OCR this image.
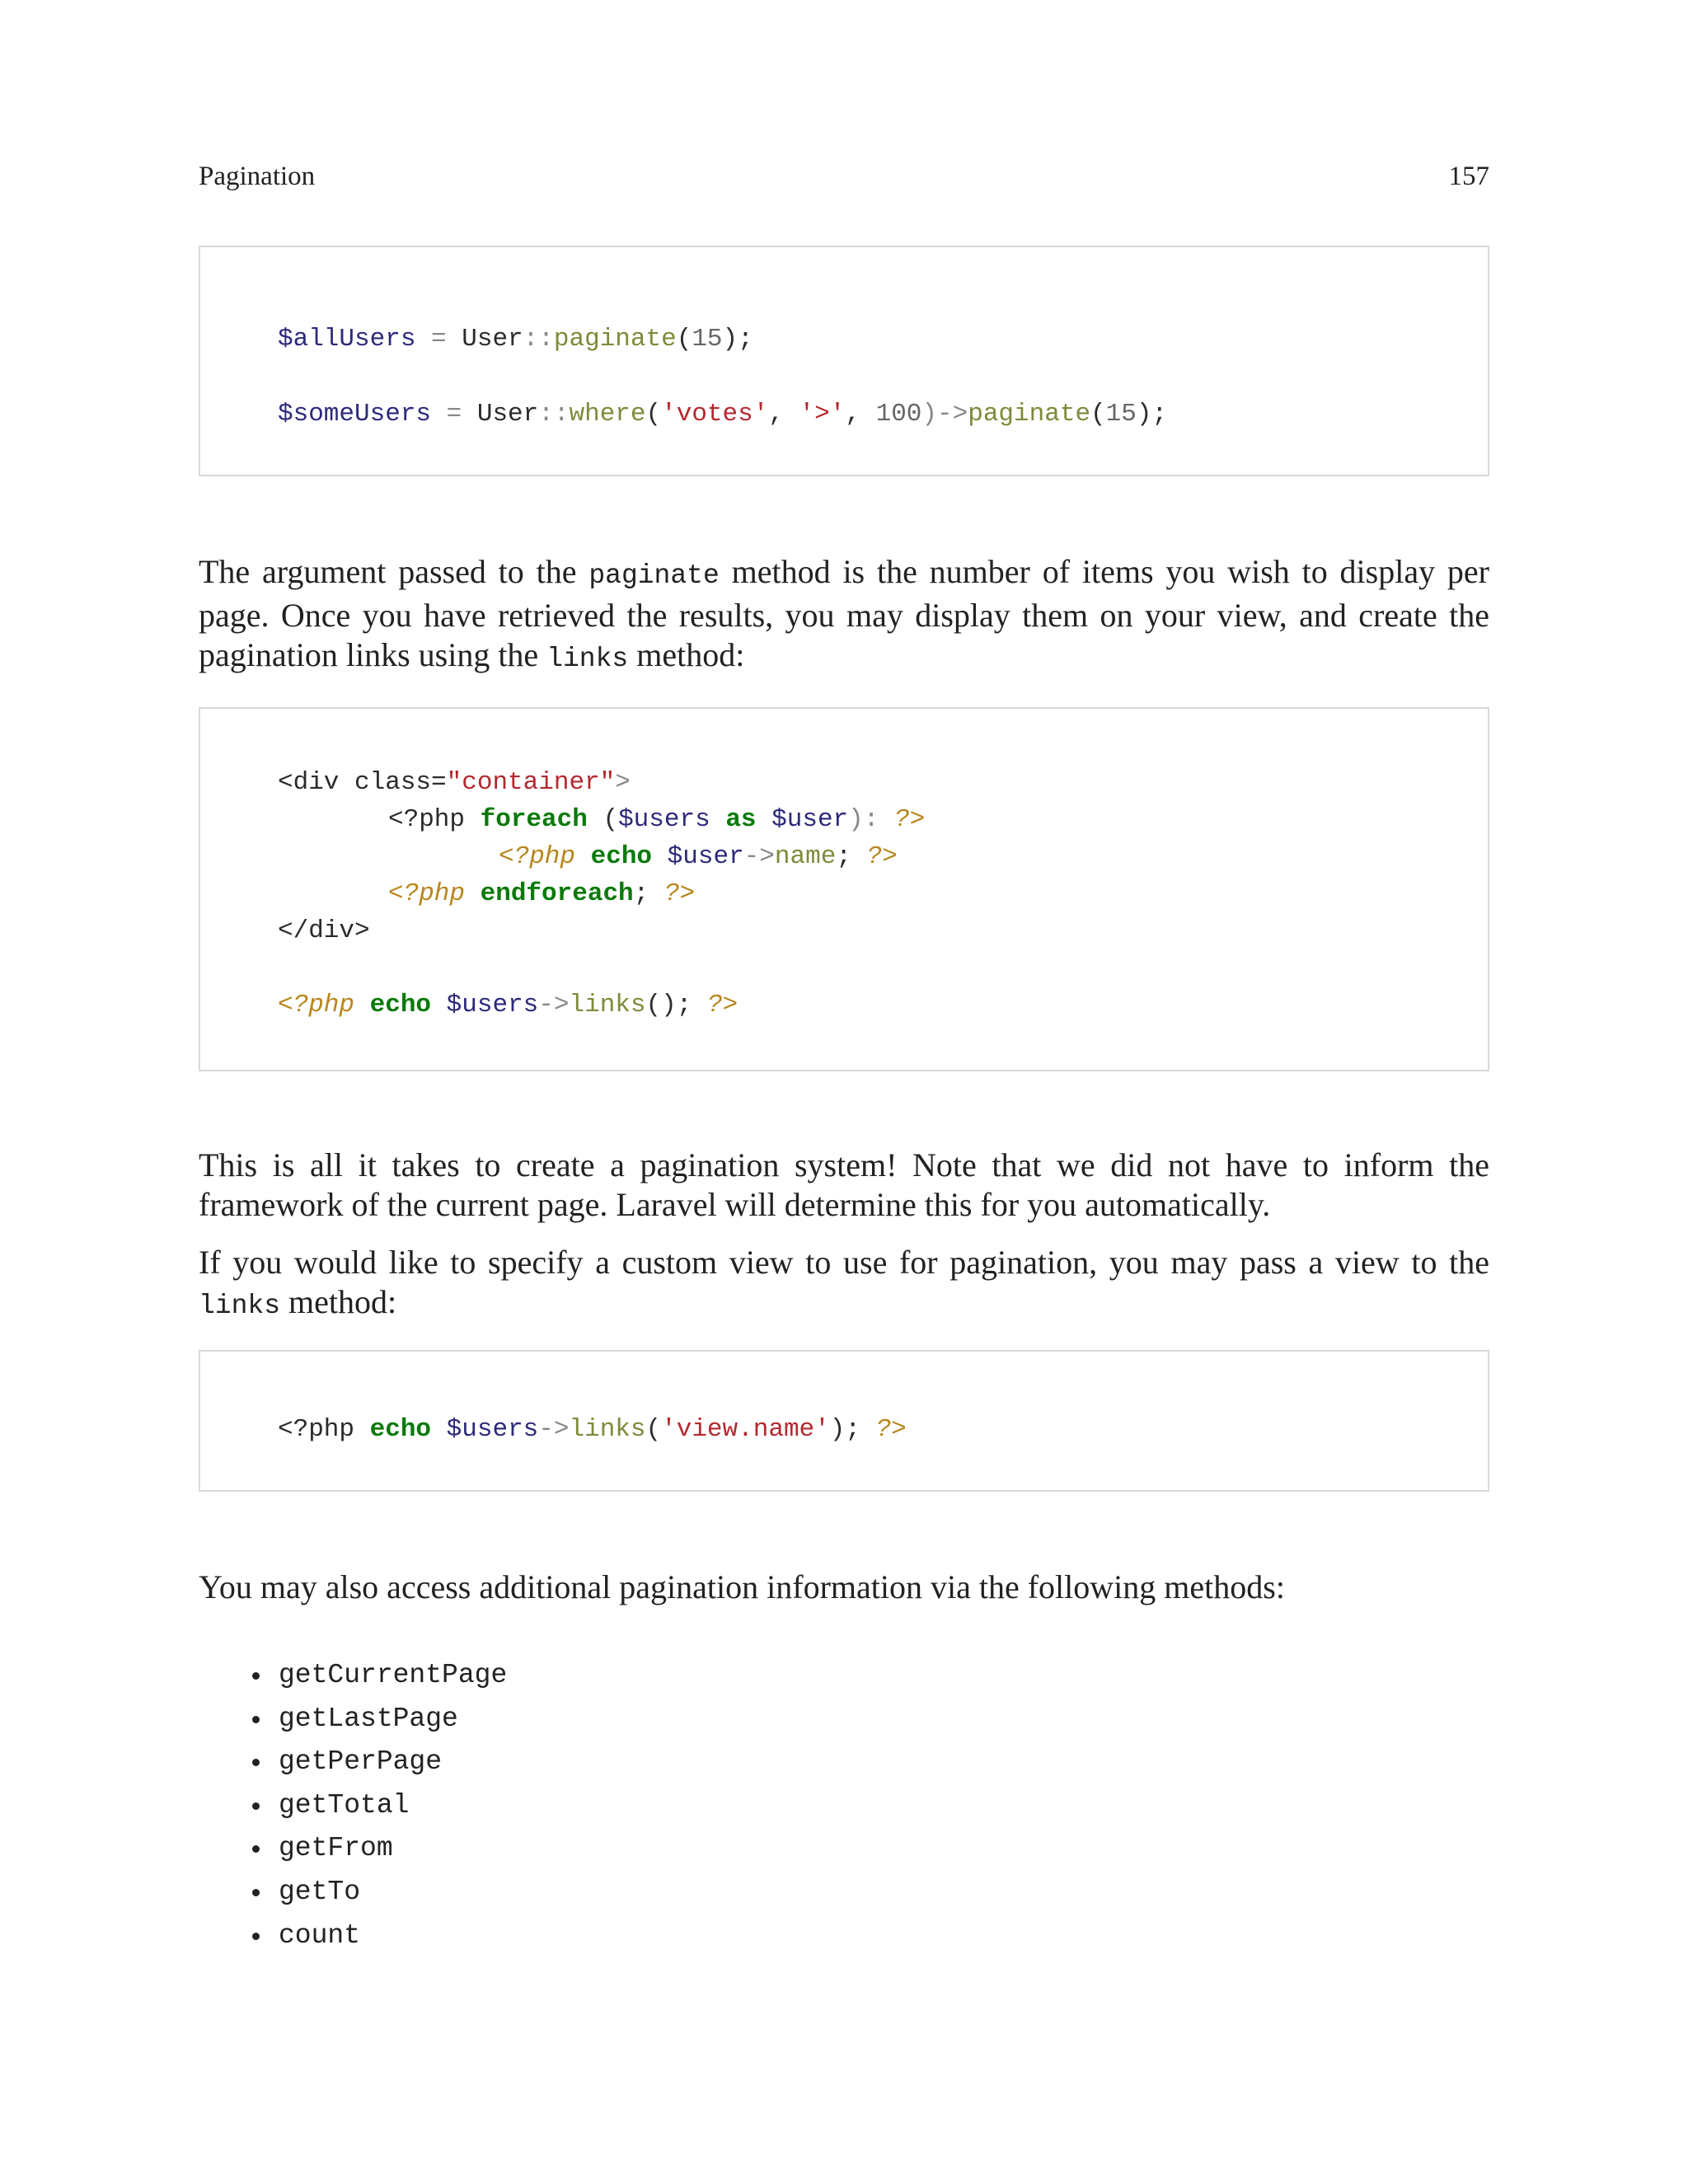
Pagination	157
$allUsers = User::paginate(15);
$someUsers = User::where('votes', '>', 100)->paginate(15);
The argument passed to the paginate method is the number of items you wish to display per page. Once you have retrieved the results, you may display them on your view, and create the pagination links using the links method:
<div class="container">
<?php foreach ($users as $user): ?>
<?php echo $user->name; ?>
<?php endforeach; ?>
</div>
<?php echo $users->links(); ?>
This is all it takes to create a pagination system! Note that we did not have to inform the framework of the current page. Laravel will determine this for you automatically.
If you would like to specify a custom view to use for pagination, you may pass a view to the links method:
<?php echo $users->links('view.name'); ?>
You may also access additional pagination information via the following methods:
getCurrentPage
getLastPage
getPerPage
getTotal
getFrom
getTo
count
